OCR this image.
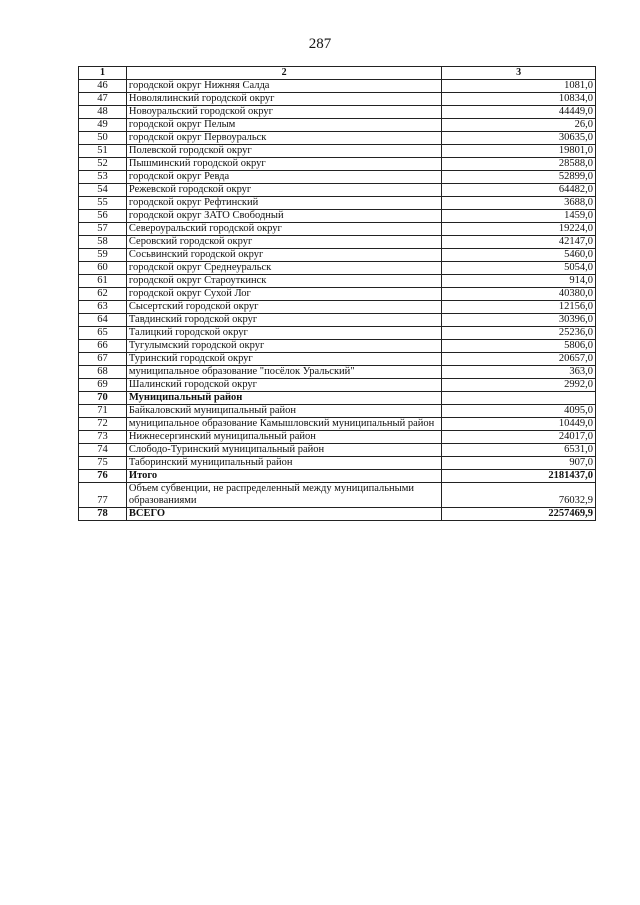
287
1	2	3
46	городской округ Нижняя Салда	1081,0
47	Новолялинский городской округ	10834,0
48	Новоуральский городской округ	44449,0
49	городской округ Пелым	26,0
50	городской округ Первоуральск	30635,0
51	Полевской городской округ	19801,0
52	Пышминский городской округ	28588,0
53	городской округ Ревда	52899,0
54	Режевской городской округ	64482,0
55	городской округ Рефтинский	3688,0
56	городской округ ЗАТО Свободный	1459,0
57	Североуральский городской округ	19224,0
58	Серовский городской округ	42147,0
59	Сосьвинский городской округ	5460,0
60	городской округ Среднеуральск	5054,0
61	городской округ Староуткинск	914,0
62	городской округ Сухой Лог	40380,0
63	Сысертский городской округ	12156,0
64	Тавдинский городской округ	30396,0
65	Талицкий городской округ	25236,0
66	Тугулымский городской округ	5806,0
67	Туринский городской округ	20657,0
68	муниципальное образование "посёлок Уральский"	363,0
69	Шалинский городской округ	2992,0
70	Муниципальный район	
71	Байкаловский муниципальный район	4095,0
72	муниципальное образование Камышловский муниципальный район	10449,0
73	Нижнесергинский муниципальный район	24017,0
74	Слободо-Туринский муниципальный район	6531,0
75	Таборинский муниципальный район	907,0
76	Итого	2181437,0
77	Объем субвенции, не распределенный между муниципальными образованиями	76032,9
78	ВСЕГО	2257469,9
